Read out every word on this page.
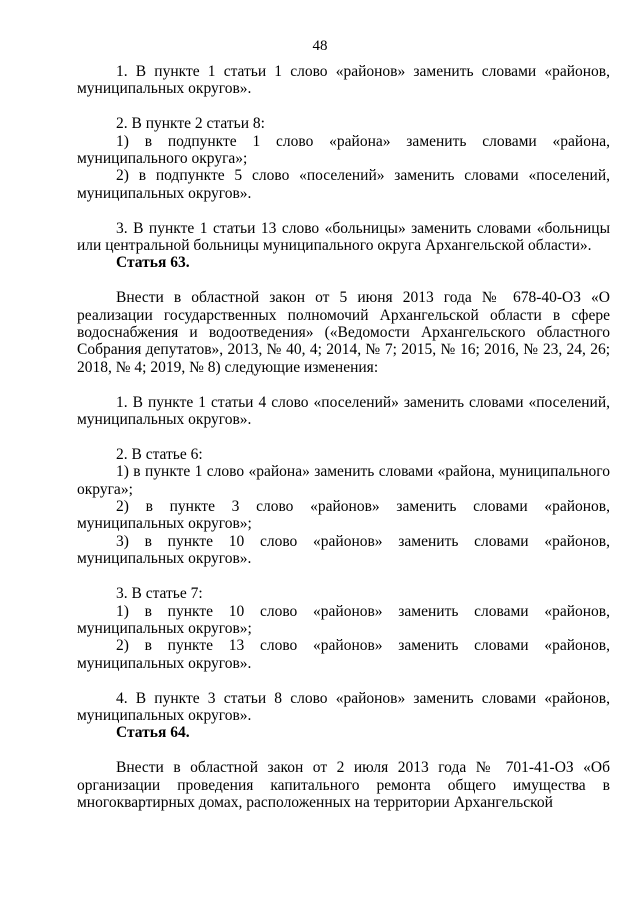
48

1. В пункте 1 статьи 1 слово «районов» заменить словами «районов, муниципальных округов».

2. В пункте 2 статьи 8:

1) в подпункте 1 слово «района» заменить словами «района, муниципального округа»;

2) в подпункте 5 слово «поселений» заменить словами «поселений, муниципальных округов».

3. В пункте 1 статьи 13 слово «больницы» заменить словами «больницы или центральной больницы муниципального округа Архангельской области».

Статья 63.

Внести в областной закон от 5 июня 2013 года № 678-40-ОЗ «О реализации государственных полномочий Архангельской области в сфере водоснабжения и водоотведения» («Ведомости Архангельского областного Собрания депутатов», 2013, № 40, 4; 2014, № 7; 2015, № 16; 2016, № 23, 24, 26; 2018, № 4; 2019, № 8) следующие изменения:

1. В пункте 1 статьи 4 слово «поселений» заменить словами «поселений, муниципальных округов».

2. В статье 6:

1) в пункте 1 слово «района» заменить словами «района, муниципального округа»;

2) в пункте 3 слово «районов» заменить словами «районов, муниципальных округов»;

3) в пункте 10 слово «районов» заменить словами «районов, муниципальных округов».

3. В статье 7:

1) в пункте 10 слово «районов» заменить словами «районов, муниципальных округов»;

2) в пункте 13 слово «районов» заменить словами «районов, муниципальных округов».

4. В пункте 3 статьи 8 слово «районов» заменить словами «районов, муниципальных округов».

Статья 64.

Внести в областной закон от 2 июля 2013 года № 701-41-ОЗ «Об организации проведения капитального ремонта общего имущества в многоквартирных домах, расположенных на территории Архангельской
